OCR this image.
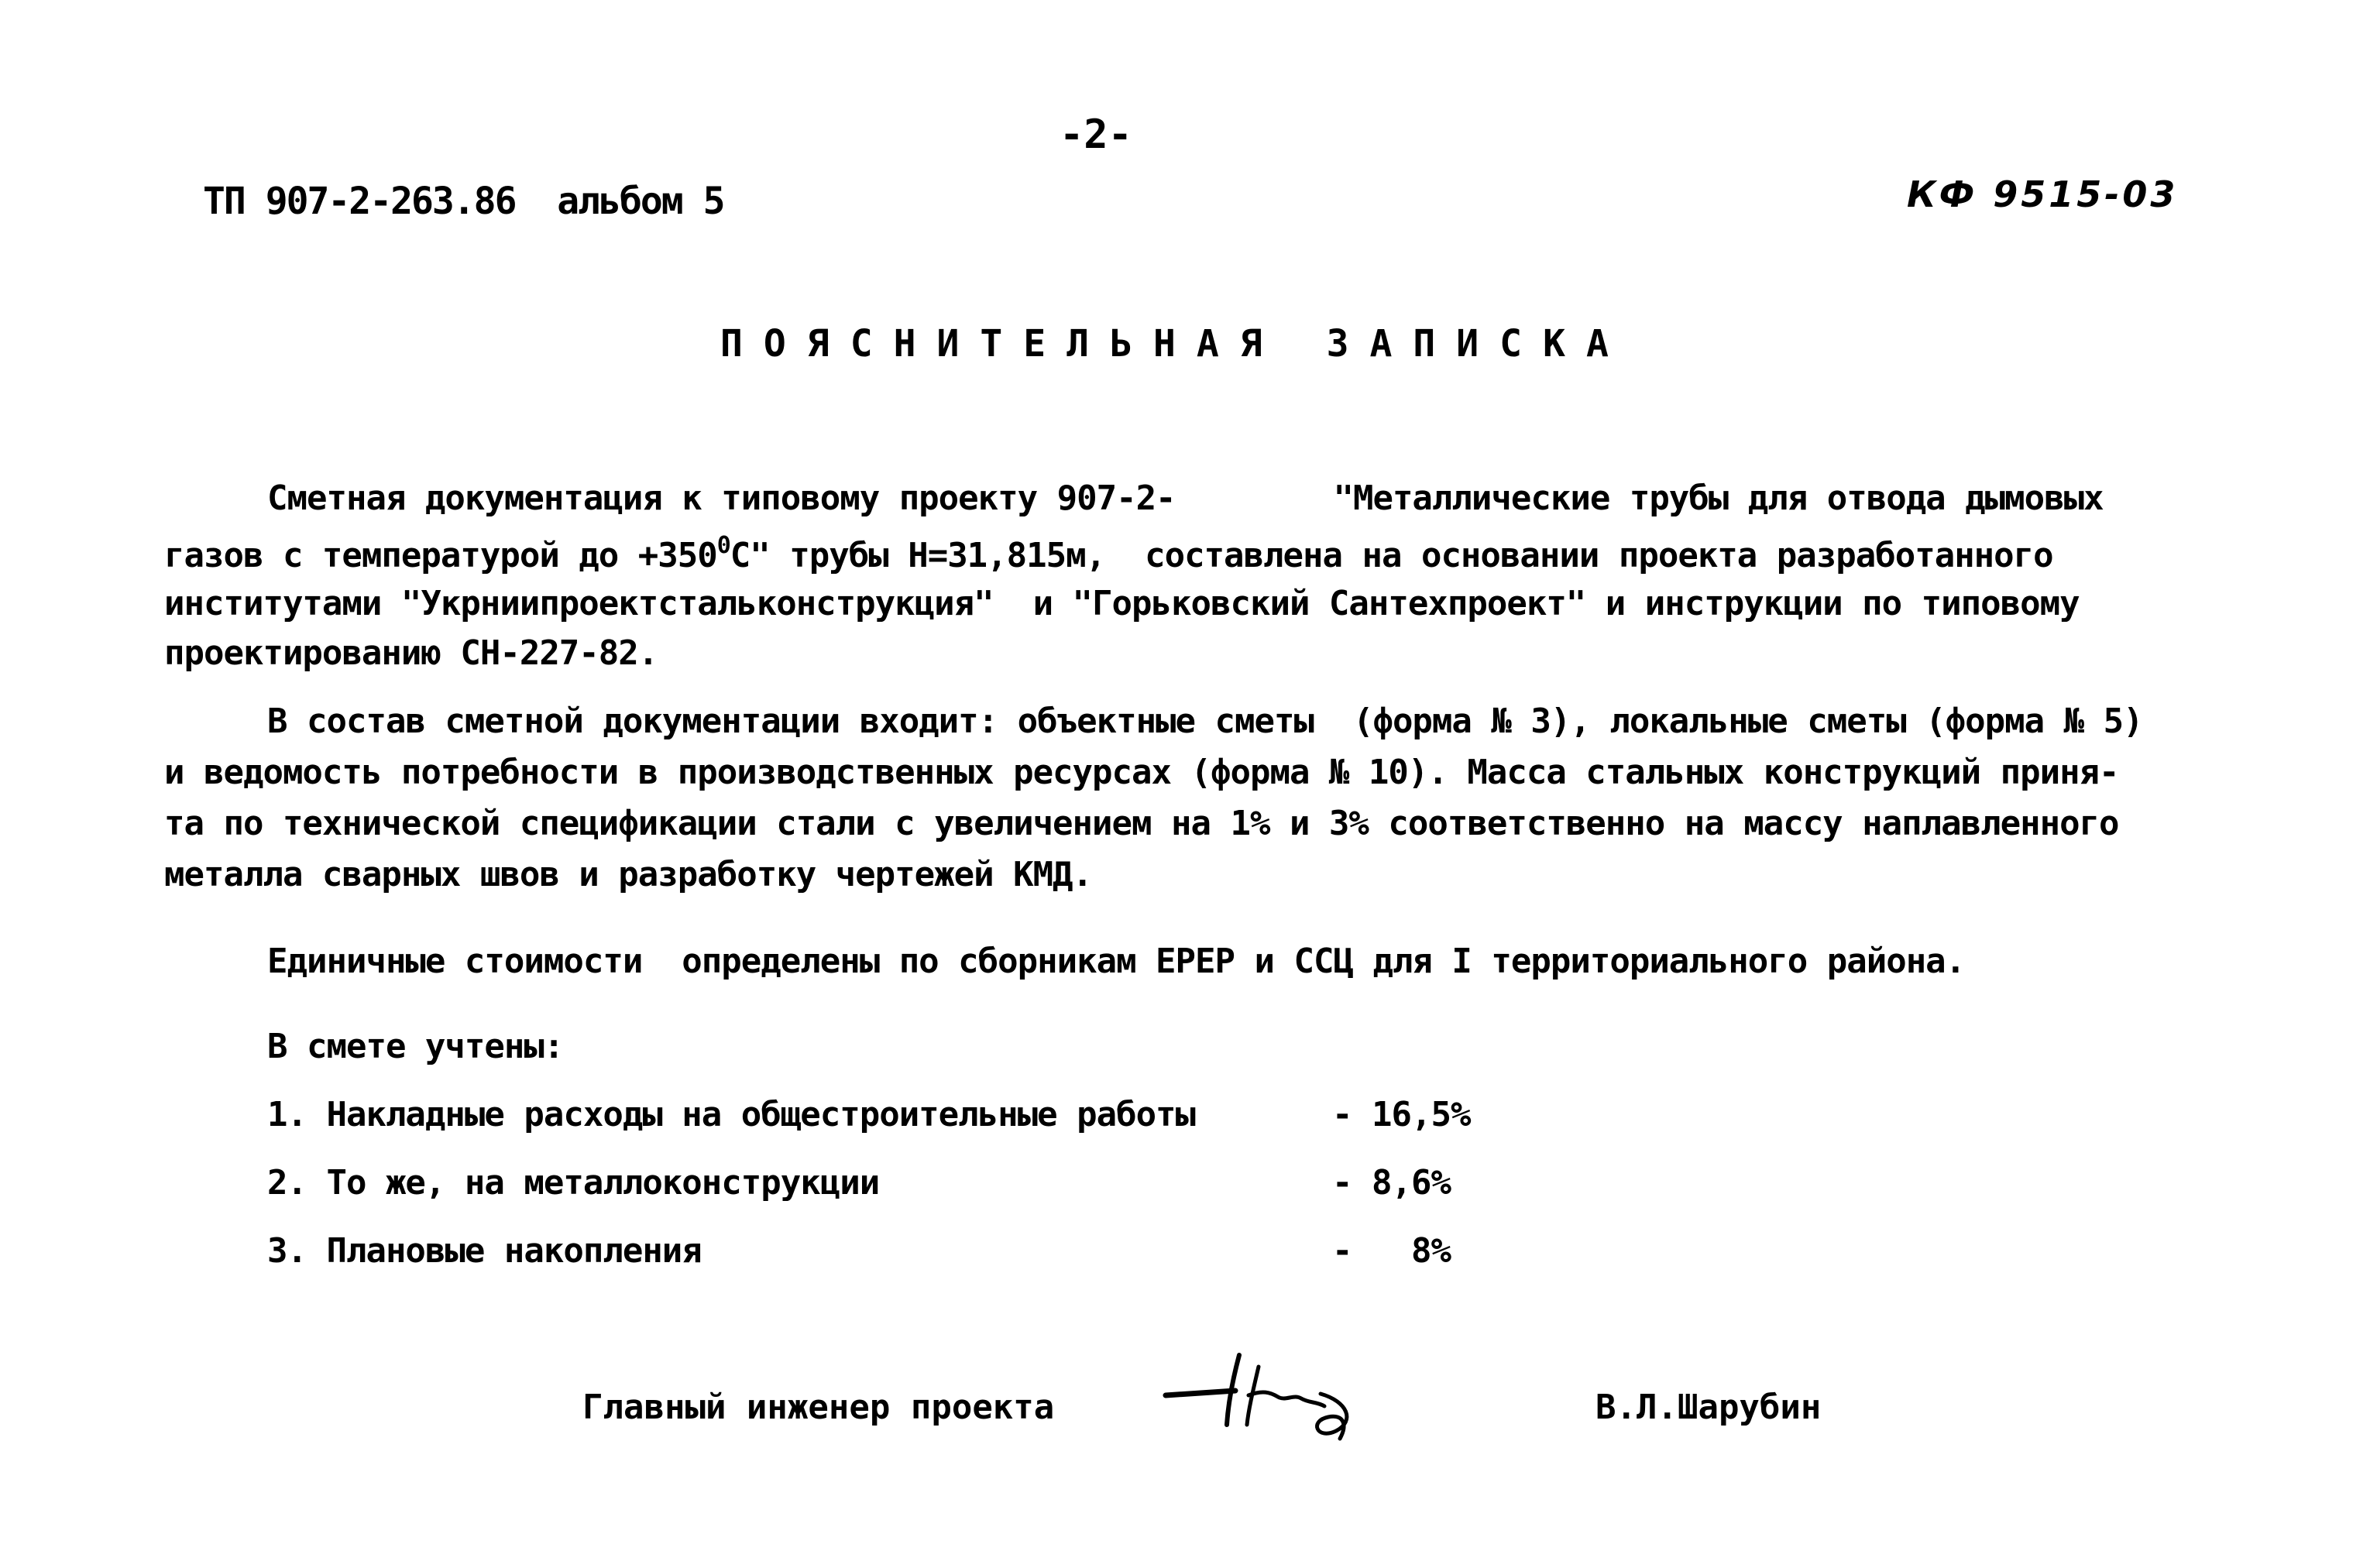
-2-
ТП 907-2-263.86  альбом 5	КФ 9515-03
ПОЯСНИТЕЛЬНАЯ ЗАПИСКА
Сметная документация к типовому проекту 907-2-        "Металлические трубы для отвода дымовых
газов с температурой до $+350^0С$" трубы Н=31,815м,  составлена на основании проекта разработанного
институтами "Укрниипроектстальконструкция"  и "Горьковский Сантехпроект" и инструкции по типовому
проектированию СН-227-82.
В состав сметной документации входит: объектные сметы  (форма № 3), локальные сметы (форма № 5)
и ведомость потребности в производственных ресурсах (форма № 10). Масса стальных конструкций приня-
та по технической спецификации стали с увеличением на 1% и 3% соответственно на массу наплавленного
металла сварных швов и разработку чертежей КМД.
Единичные стоимости  определены по сборникам ЕРЕР и ССЦ для I территориального района.
В смете учтены:
1. Накладные расходы на общестроительные работы	- 16,5%
2. То же, на металлоконструкции	- 8,6%
3. Плановые накопления	-   8%
Главный инженер проекта	В.Л.Шарубин
